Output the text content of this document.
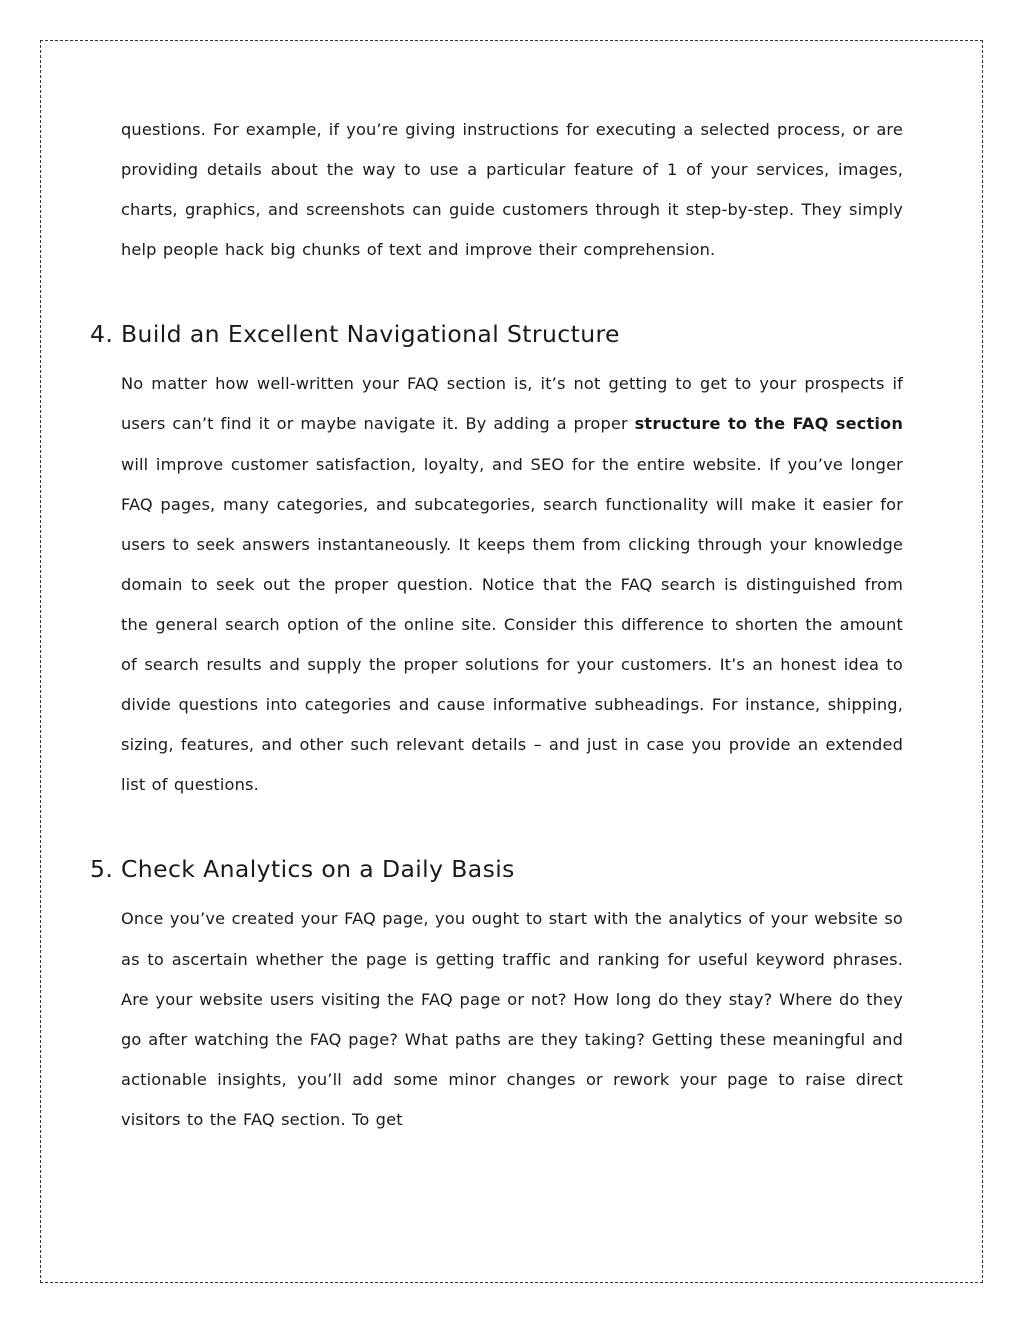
questions. For example, if you’re giving instructions for executing a selected process, or are providing details about the way to use a particular feature of 1 of your services, images, charts, graphics, and screenshots can guide customers through it step-by-step. They simply help people hack big chunks of text and improve their comprehension.

4. Build an Excellent Navigational Structure

No matter how well-written your FAQ section is, it’s not getting to get to your prospects if users can’t find it or maybe navigate it. By adding a proper structure to the FAQ section will improve customer satisfaction, loyalty, and SEO for the entire website. If you’ve longer FAQ pages, many categories, and subcategories, search functionality will make it easier for users to seek answers instantaneously. It keeps them from clicking through your knowledge domain to seek out the proper question. Notice that the FAQ search is distinguished from the general search option of the online site. Consider this difference to shorten the amount of search results and supply the proper solutions for your customers. It’s an honest idea to divide questions into categories and cause informative subheadings. For instance, shipping, sizing, features, and other such relevant details – and just in case you provide an extended list of questions.

5. Check Analytics on a Daily Basis

Once you’ve created your FAQ page, you ought to start with the analytics of your website so as to ascertain whether the page is getting traffic and ranking for useful keyword phrases. Are your website users visiting the FAQ page or not? How long do they stay? Where do they go after watching the FAQ page? What paths are they taking? Getting these meaningful and actionable insights, you’ll add some minor changes or rework your page to raise direct visitors to the FAQ section. To get
